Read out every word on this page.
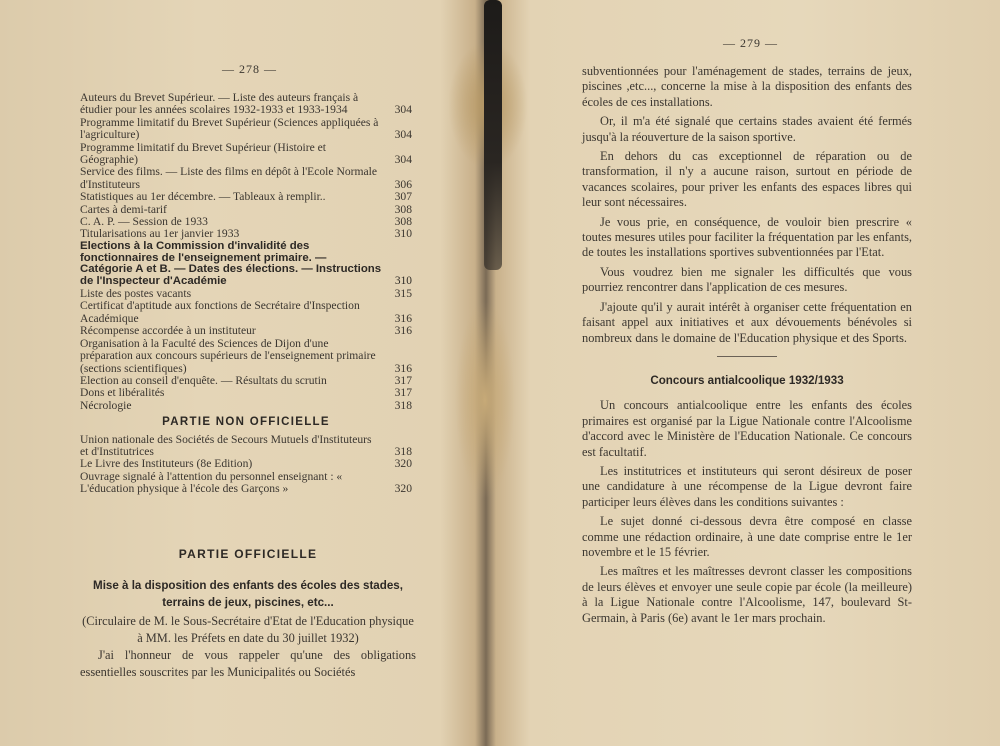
— 278 —
Auteurs du Brevet Supérieur. — Liste des auteurs français à étudier pour les années scolaires 1932-1933 et 1933-1934	304
Programme limitatif du Brevet Supérieur (Sciences appliquées à l'agriculture)	304
Programme limitatif du Brevet Supérieur (Histoire et Géographie)	304
Service des films. — Liste des films en dépôt à l'Ecole Normale d'Instituteurs	306
Statistiques au 1er décembre. — Tableaux à remplir..	307
Cartes à demi-tarif	308
C. A. P. — Session de 1933	308
Titularisations au 1er janvier 1933	310
Elections à la Commission d'invalidité des fonctionnaires de l'enseignement primaire. — Catégorie A et B. — Dates des élections. — Instructions de l'Inspecteur d'Académie	310
Liste des postes vacants	315
Certificat d'aptitude aux fonctions de Secrétaire d'Inspection Académique	316
Récompense accordée à un instituteur	316
Organisation à la Faculté des Sciences de Dijon d'une préparation aux concours supérieurs de l'enseignement primaire (sections scientifiques)	316
Election au conseil d'enquête. — Résultats du scrutin	317
Dons et libéralités	317
Nécrologie	318
PARTIE NON OFFICIELLE
Union nationale des Sociétés de Secours Mutuels d'Instituteurs et d'Institutrices	318
Le Livre des Instituteurs (8e Edition)	320
Ouvrage signalé à l'attention du personnel enseignant : « L'éducation physique à l'école des Garçons »	320
PARTIE OFFICIELLE
Mise à la disposition des enfants des écoles des stades, terrains de jeux, piscines, etc...
(Circulaire de M. le Sous-Secrétaire d'Etat de l'Education physique à MM. les Préfets en date du 30 juillet 1932)
J'ai l'honneur de vous rappeler qu'une des obligations essentielles souscrites par les Municipalités ou Sociétés
— 279 —

subventionnées pour l'aménagement de stades, terrains de jeux, piscines ,etc..., concerne la mise à la disposition des enfants des écoles de ces installations.

Or, il m'a été signalé que certains stades avaient été fermés jusqu'à la réouverture de la saison sportive.

En dehors du cas exceptionnel de réparation ou de transformation, il n'y a aucune raison, surtout en période de vacances scolaires, pour priver les enfants des espaces libres qui leur sont nécessaires.

Je vous prie, en conséquence, de vouloir bien prescrire « toutes mesures utiles pour faciliter la fréquentation par les enfants, de toutes les installations sportives subventionnées par l'Etat.

Vous voudrez bien me signaler les difficultés que vous pourriez rencontrer dans l'application de ces mesures.

J'ajoute qu'il y aurait intérêt à organiser cette fréquentation en faisant appel aux initiatives et aux dévouements bénévoles si nombreux dans le domaine de l'Education physique et des Sports.

Concours antialcoolique 1932/1933

Un concours antialcoolique entre les enfants des écoles primaires est organisé par la Ligue Nationale contre l'Alcoolisme d'accord avec le Ministère de l'Education Nationale. Ce concours est facultatif.

Les institutrices et instituteurs qui seront désireux de poser une candidature à une récompense de la Ligue devront faire participer leurs élèves dans les conditions suivantes :

Le sujet donné ci-dessous devra être composé en classe comme une rédaction ordinaire, à une date comprise entre le 1er novembre et le 15 février.

Les maîtres et les maîtresses devront classer les compositions de leurs élèves et envoyer une seule copie par école (la meilleure) à la Ligue Nationale contre l'Alcoolisme, 147, boulevard St-Germain, à Paris (6e) avant le 1er mars prochain.
